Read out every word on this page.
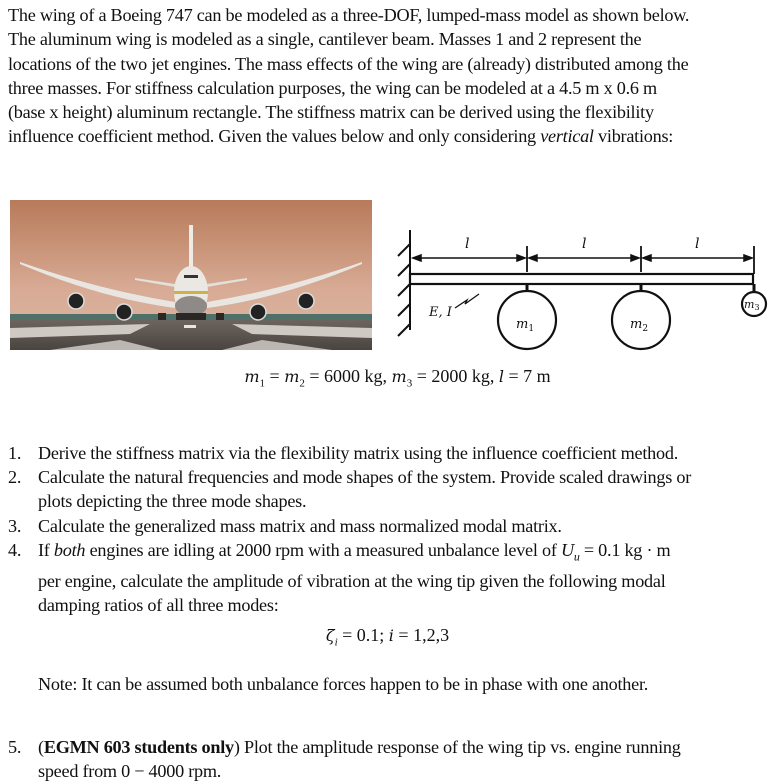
The wing of a Boeing 747 can be modeled as a three-DOF, lumped-mass model as shown below.

The aluminum wing is modeled as a single, cantilever beam. Masses 1 and 2 represent the

locations of the two jet engines. The mass effects of the wing are (already) distributed among the

three masses. For stiffness calculation purposes, the wing can be modeled at a 4.5 m x 0.6 m

(base x height) aluminum rectangle. The stiffness matrix can be derived using the flexibility

influence coefficient method. Given the values below and only considering vertical vibrations:

l	l	l
E, I
$m_1$	$m_2$
m3
$m_1 = m_2 = 6000$ kg, $m_3 = 2000$ kg, l = 7 m
1. Derive the stiffness matrix via the flexibility matrix using the influence coefficient method.

2. Calculate the natural frequencies and mode shapes of the system. Provide scaled drawings or

plots depicting the three mode shapes.

3. Calculate the generalized mass matrix and mass normalized modal matrix.

4. If both engines are idling at 2000 rpm with a measured unbalance level of $U_u = 0.1$ kg · m

per engine, calculate the amplitude of vibration at the wing tip given the following modal

damping ratios of all three modes:

$\zeta_i = 0.1$; i = 1,2,3
Note: It can be assumed both unbalance forces happen to be in phase with one another.
5. (EGMN 603 students only) Plot the amplitude response of the wing tip vs. engine running

speed from 0 − 4000 rpm.
